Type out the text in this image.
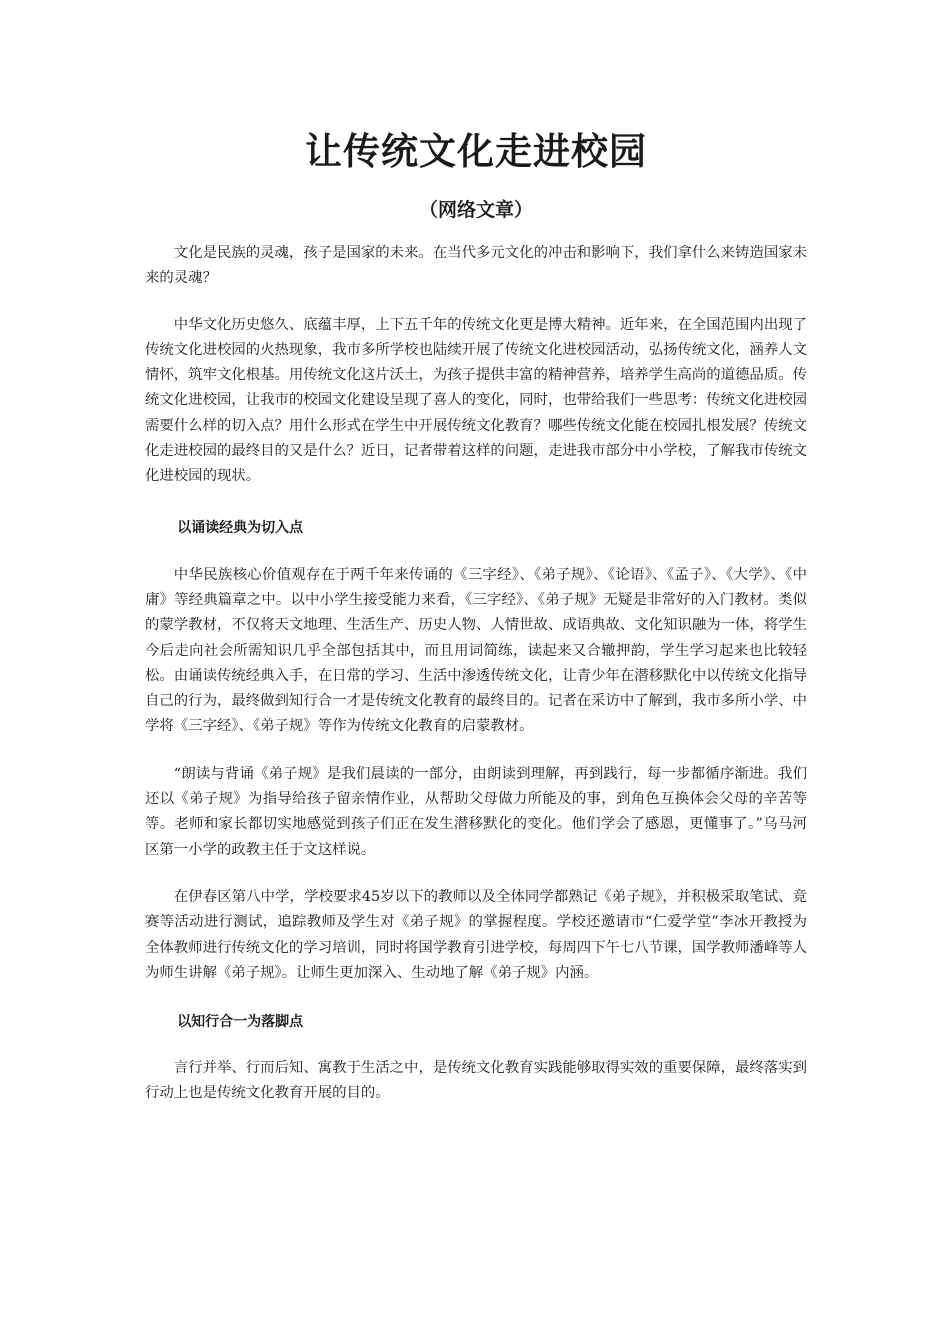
让传统文化走进校园
（网络文章）

文化是民族的灵魂，孩子是国家的未来。在当代多元文化的冲击和影响下，我们拿什么来铸造国家未来的灵魂？

中华文化历史悠久、底蕴丰厚，上下五千年的传统文化更是博大精神。近年来，在全国范围内出现了传统文化进校园的火热现象，我市多所学校也陆续开展了传统文化进校园活动，弘扬传统文化，涵养人文情怀，筑牢文化根基。用传统文化这片沃土，为孩子提供丰富的精神营养，培养学生高尚的道德品质。传统文化进校园，让我市的校园文化建设呈现了喜人的变化，同时，也带给我们一些思考：传统文化进校园需要什么样的切入点？用什么形式在学生中开展传统文化教育？哪些传统文化能在校园扎根发展？传统文化走进校园的最终目的又是什么？近日，记者带着这样的问题，走进我市部分中小学校，了解我市传统文化进校园的现状。

以诵读经典为切入点

中华民族核心价值观存在于两千年来传诵的《三字经》、《弟子规》、《论语》、《孟子》、《大学》、《中庸》等经典篇章之中。以中小学生接受能力来看，《三字经》、《弟子规》无疑是非常好的入门教材。类似的蒙学教材，不仅将天文地理、生活生产、历史人物、人情世故、成语典故、文化知识融为一体，将学生今后走向社会所需知识几乎全部包括其中，而且用词简练，读起来又合辙押韵，学生学习起来也比较轻松。由诵读传统经典入手，在日常的学习、生活中渗透传统文化，让青少年在潜移默化中以传统文化指导自己的行为，最终做到知行合一才是传统文化教育的最终目的。记者在采访中了解到，我市多所小学、中学将《三字经》、《弟子规》等作为传统文化教育的启蒙教材。

“朗读与背诵《弟子规》是我们晨读的一部分，由朗读到理解，再到践行，每一步都循序渐进。我们还以《弟子规》为指导给孩子留亲情作业，从帮助父母做力所能及的事，到角色互换体会父母的辛苦等等。老师和家长都切实地感觉到孩子们正在发生潜移默化的变化。他们学会了感恩，更懂事了。”乌马河区第一小学的政教主任于文这样说。

在伊春区第八中学，学校要求45岁以下的教师以及全体同学都熟记《弟子规》，并积极采取笔试、竞赛等活动进行测试，追踪教师及学生对《弟子规》的掌握程度。学校还邀请市“仁爱学堂”李冰开教授为全体教师进行传统文化的学习培训，同时将国学教育引进学校，每周四下午七八节课，国学教师潘峰等人为师生讲解《弟子规》。让师生更加深入、生动地了解《弟子规》内涵。

以知行合一为落脚点

言行并举、行而后知、寓教于生活之中，是传统文化教育实践能够取得实效的重要保障，最终落实到行动上也是传统文化教育开展的目的。
